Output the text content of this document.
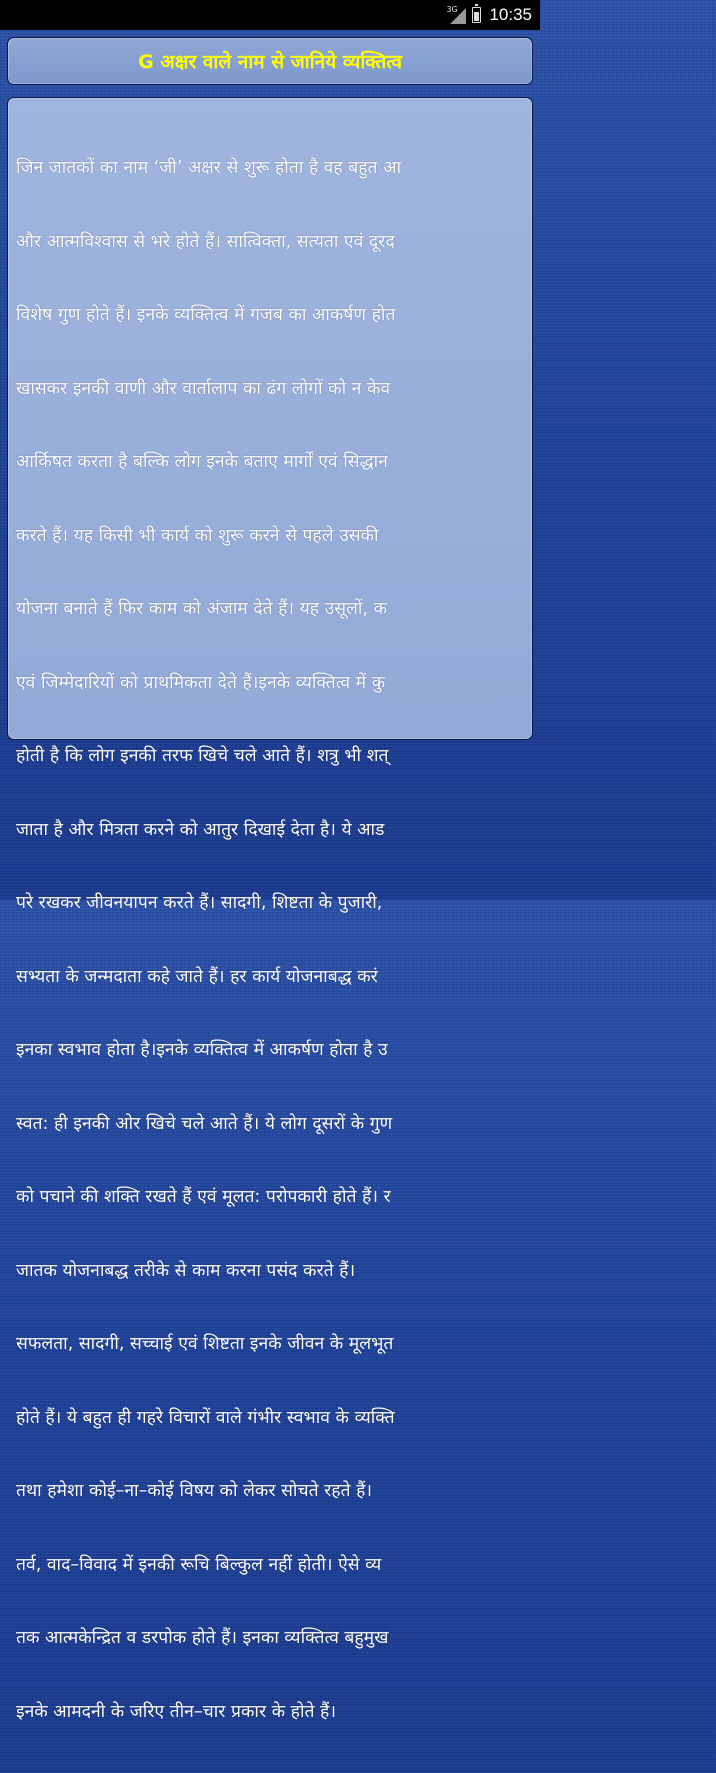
3G 10:35
G अक्षर वाले नाम से जानिये व्यक्तित्व

जिन जातकों का नाम ‘जी’ अक्षर से शुरू होता है वह बहुत आ

और आत्मविश्वास से भरे होते हैं। सात्विक्ता, सत्यता एवं दूरद

विशेष गुण होते हैं। इनके व्यक्तित्व में गजब का आकर्षण होत

खासकर इनकी वाणी और वार्तालाप का ढंग लोगों को न केव

आर्किषत करता है बल्कि लोग इनके बताए मार्गों एवं सिद्धान

करते हैं। यह किसी भी कार्य को शुरू करने से पहले उसकी

योजना बनाते हैं फिर काम को अंजाम देते हैं। यह उसूलों, क

एवं जिम्मेदारियों को प्राथमिकता देते हैं।इनके व्यक्तित्व में कु

होती है कि लोग इनकी तरफ खिचे चले आते हैं। शत्रु भी शत्

जाता है और मित्रता करने को आतुर दिखाई देता है। ये आड

परे रखकर जीवनयापन करते हैं। सादगी, शिष्टता के पुजारी,

सभ्यता के जन्मदाता कहे जाते हैं। हर कार्य योजनाबद्ध करं

इनका स्वभाव होता है।इनके व्यक्तित्व में आकर्षण होता है उ

स्वत: ही इनकी ओर खिचे चले आते हैं। ये लोग दूसरों के गुण

को पचाने की शक्ति रखते हैं एवं मूलत: परोपकारी होते हैं। र

जातक योजनाबद्ध तरीके से काम करना पसंद करते हैं।

सफलता, सादगी, सच्चाई एवं शिष्टता इनके जीवन के मूलभूत

होते हैं। ये बहुत ही गहरे विचारों वाले गंभीर स्वभाव के व्यक्ति

तथा हमेशा कोई–ना–कोई विषय को लेकर सोचते रहते हैं।

तर्व, वाद–विवाद में इनकी रूचि बिल्कुल नहीं होती। ऐसे व्य

तक आत्मकेन्द्रित व डरपोक होते हैं। इनका व्यक्तित्व बहुमुख

इनके आमदनी के जरिए तीन–चार प्रकार के होते हैं।
